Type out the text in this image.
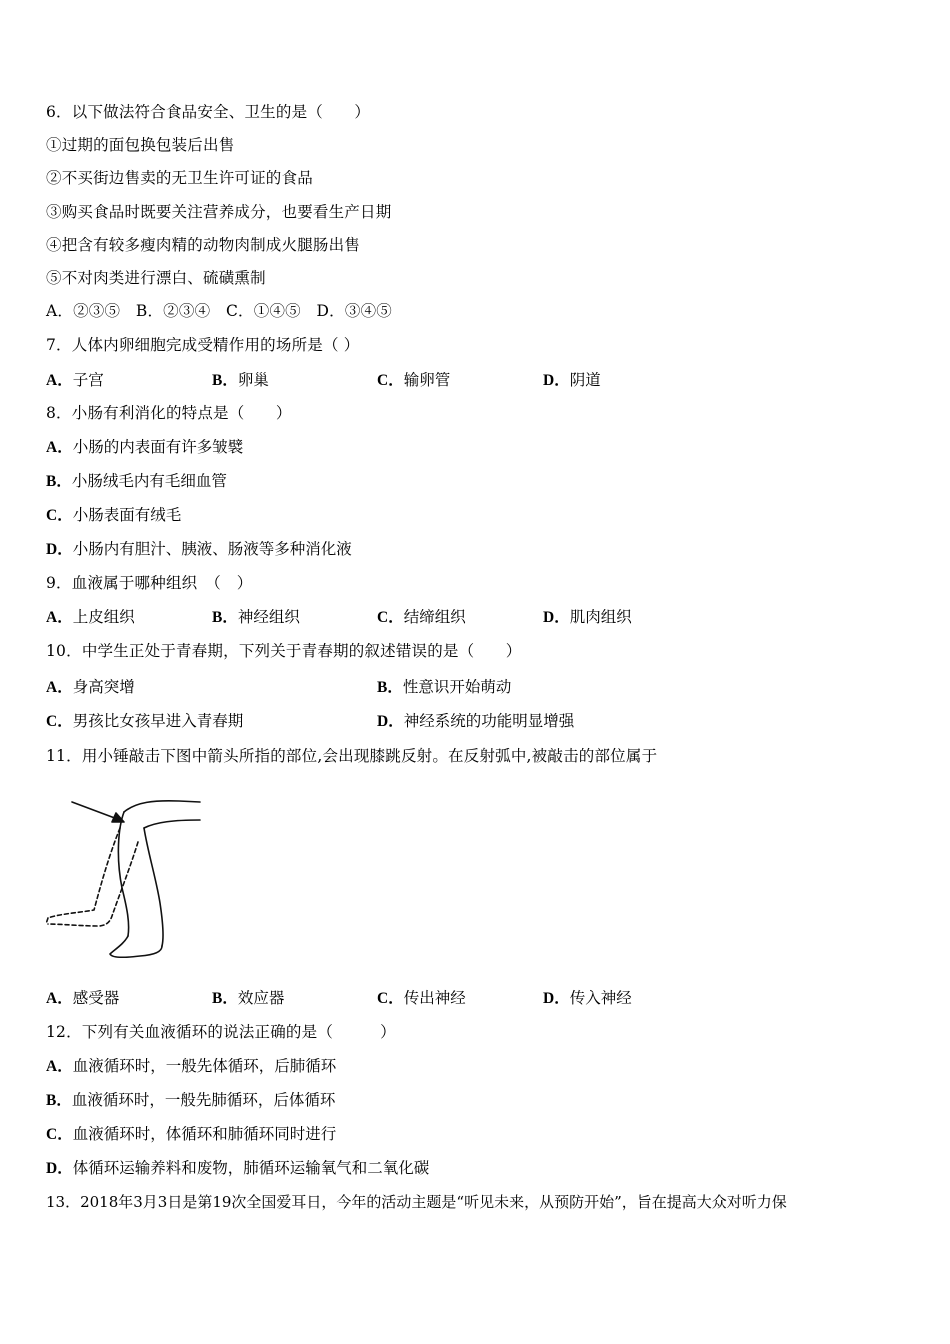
6．以下做法符合食品安全、卫生的是（　　）
①过期的面包换包装后出售
②不买街边售卖的无卫生许可证的食品
③购买食品时既要关注营养成分，也要看生产日期
④把含有较多瘦肉精的动物肉制成火腿肠出售
⑤不对肉类进行漂白、硫磺熏制
A．②③⑤　B．②③④　C．①④⑤　D．③④⑤
7．人体内卵细胞完成受精作用的场所是（ ）
A．子宫	B．卵巢	C．输卵管	D．阴道
8．小肠有利消化的特点是（　　）
A．小肠的内表面有许多皱襞
B．小肠绒毛内有毛细血管
C．小肠表面有绒毛
D．小肠内有胆汁、胰液、肠液等多种消化液
9．血液属于哪种组织　（　）
A．上皮组织	B．神经组织	C．结缔组织	D．肌肉组织
10．中学生正处于青春期，下列关于青春期的叙述错误的是（　　）
A．身高突增	B．性意识开始萌动
C．男孩比女孩早进入青春期	D．神经系统的功能明显增强
11．用小锤敲击下图中箭头所指的部位,会出现膝跳反射。在反射弧中,被敲击的部位属于
A．感受器	B．效应器	C．传出神经	D．传入神经
12．下列有关血液循环的说法正确的是（　　　）
A．血液循环时，一般先体循环，后肺循环
B．血液循环时，一般先肺循环，后体循环
C．血液循环时，体循环和肺循环同时进行
D．体循环运输养料和废物，肺循环运输氧气和二氧化碳
13．2018年3月3日是第19次全国爱耳日，今年的活动主题是“听见未来，从预防开始”，旨在提高大众对听力保
